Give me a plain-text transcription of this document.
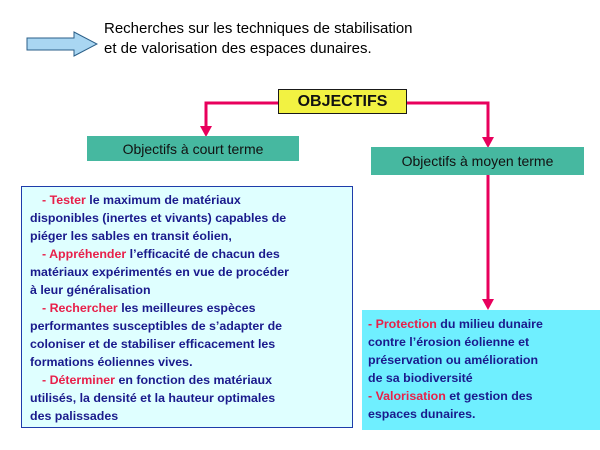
Recherches sur les techniques de stabilisation
et de valorisation des espaces dunaires.
OBJECTIFS
Objectifs à court terme
Objectifs à moyen terme
- Tester le maximum de matériaux
disponibles (inertes et vivants) capables de
piéger les sables en transit éolien,
- Appréhender l’efficacité de chacun des
matériaux expérimentés en vue de procéder
à leur généralisation
- Rechercher les meilleures espèces
performantes susceptibles de s’adapter de
coloniser et de stabiliser efficacement les
formations éoliennes vives.
- Déterminer en fonction des matériaux
utilisés, la densité et la hauteur optimales
des palissades
- Protection du milieu dunaire
contre l’érosion éolienne et
préservation ou amélioration
de sa biodiversité
- Valorisation et gestion des
espaces dunaires.
